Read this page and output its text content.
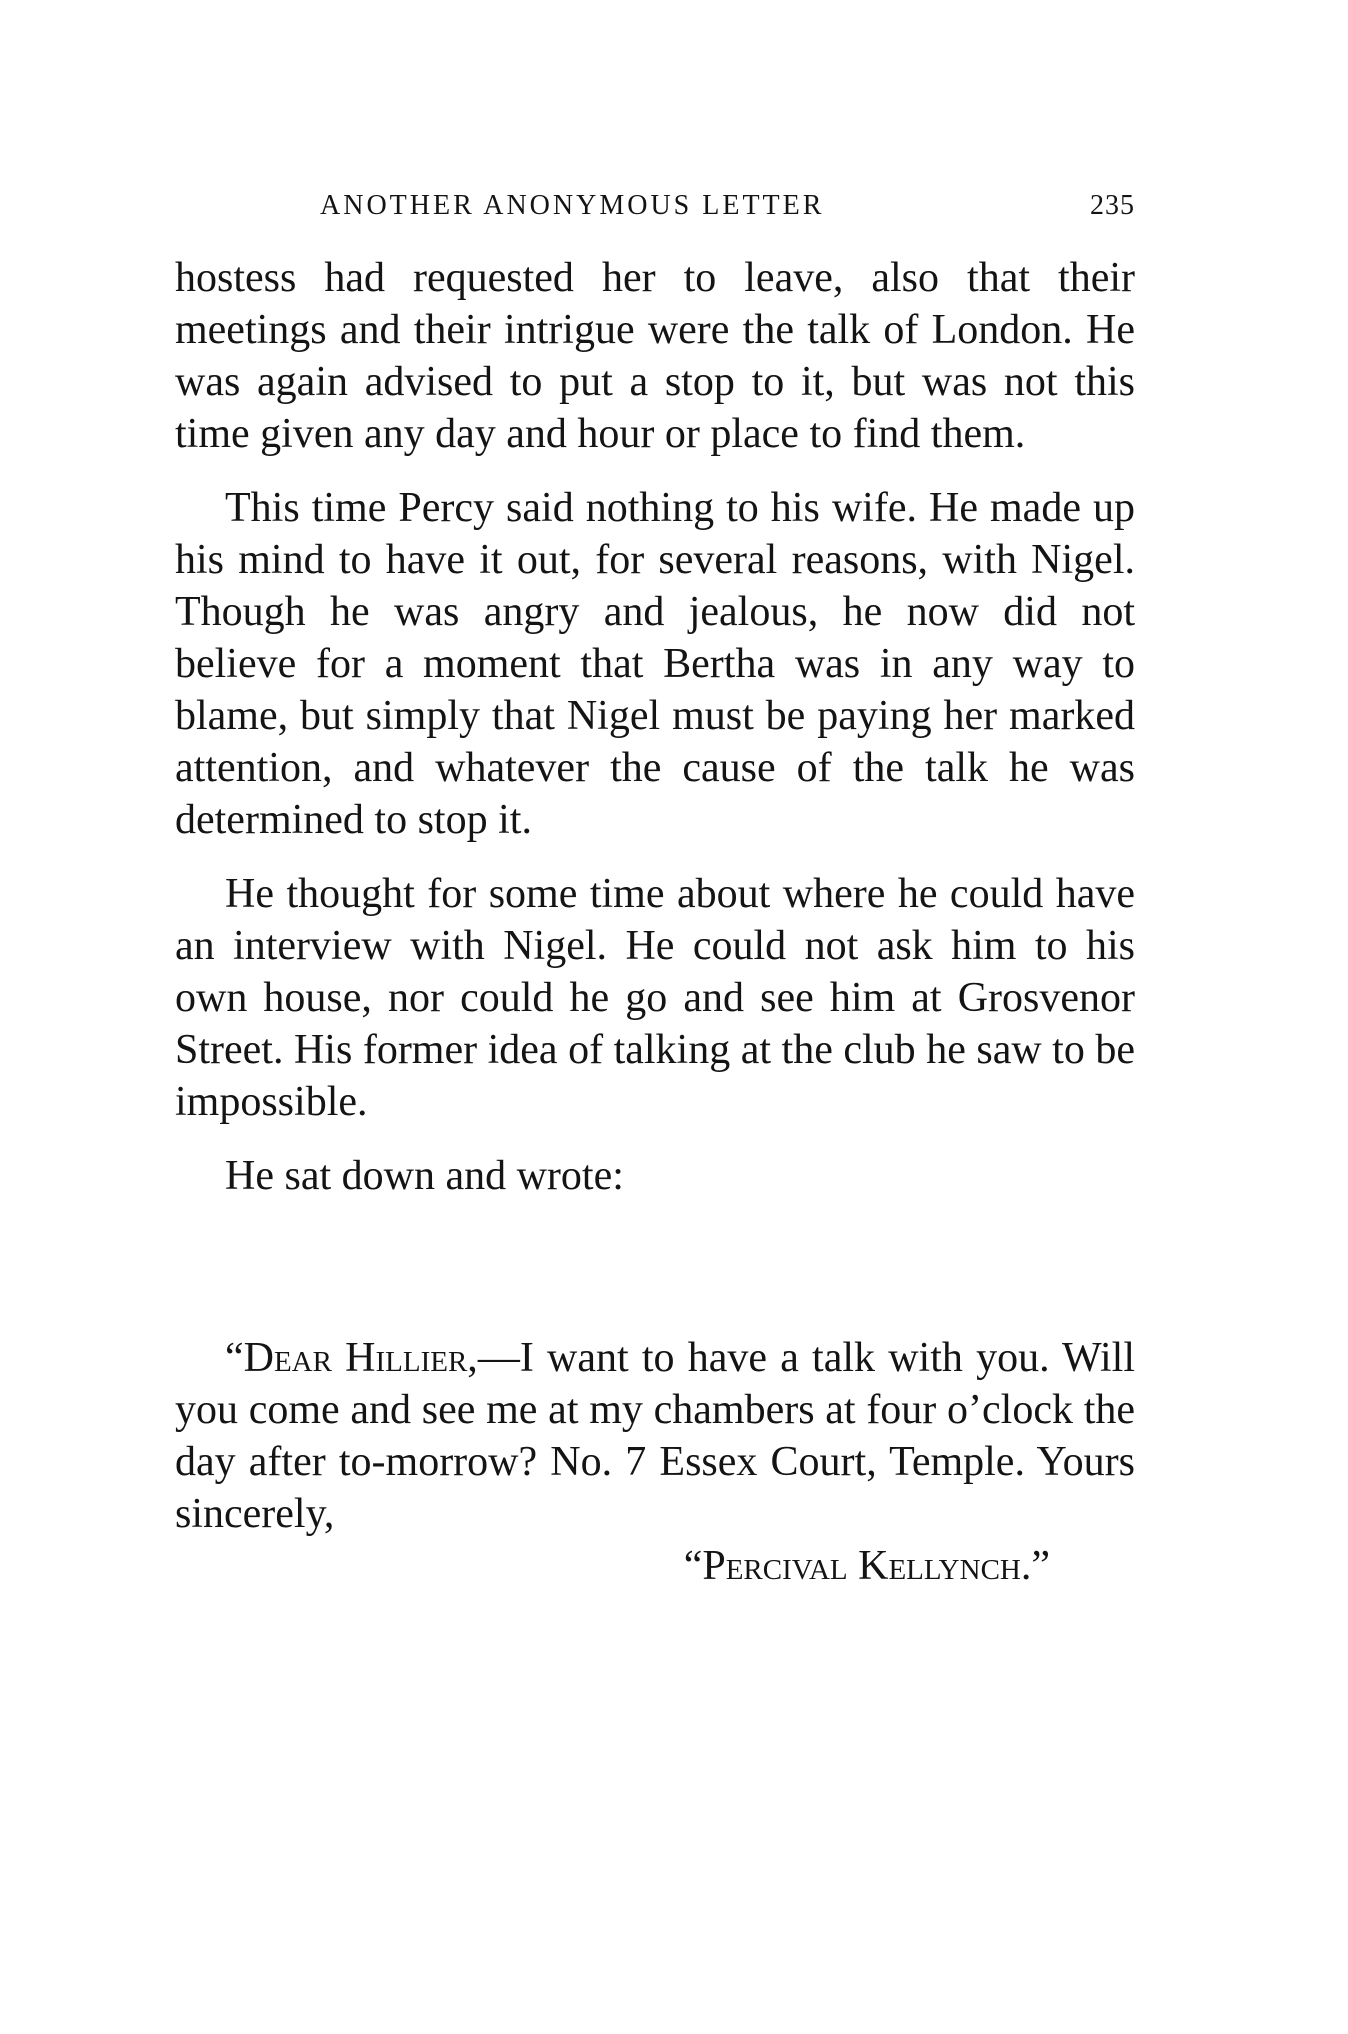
ANOTHER ANONYMOUS LETTER	235

hostess had requested her to leave, also that their meetings and their intrigue were the talk of London. He was again advised to put a stop to it, but was not this time given any day and hour or place to find them.

This time Percy said nothing to his wife. He made up his mind to have it out, for several reasons, with Nigel. Though he was angry and jealous, he now did not believe for a moment that Bertha was in any way to blame, but simply that Nigel must be paying her marked attention, and whatever the cause of the talk he was determined to stop it.

He thought for some time about where he could have an interview with Nigel. He could not ask him to his own house, nor could he go and see him at Grosvenor Street. His former idea of talking at the club he saw to be impossible.

He sat down and wrote:

“Dear Hillier,—I want to have a talk with you. Will you come and see me at my chambers at four o’clock the day after to-morrow? No. 7 Essex Court, Temple. Yours sincerely,

“Percival Kellynch.”
